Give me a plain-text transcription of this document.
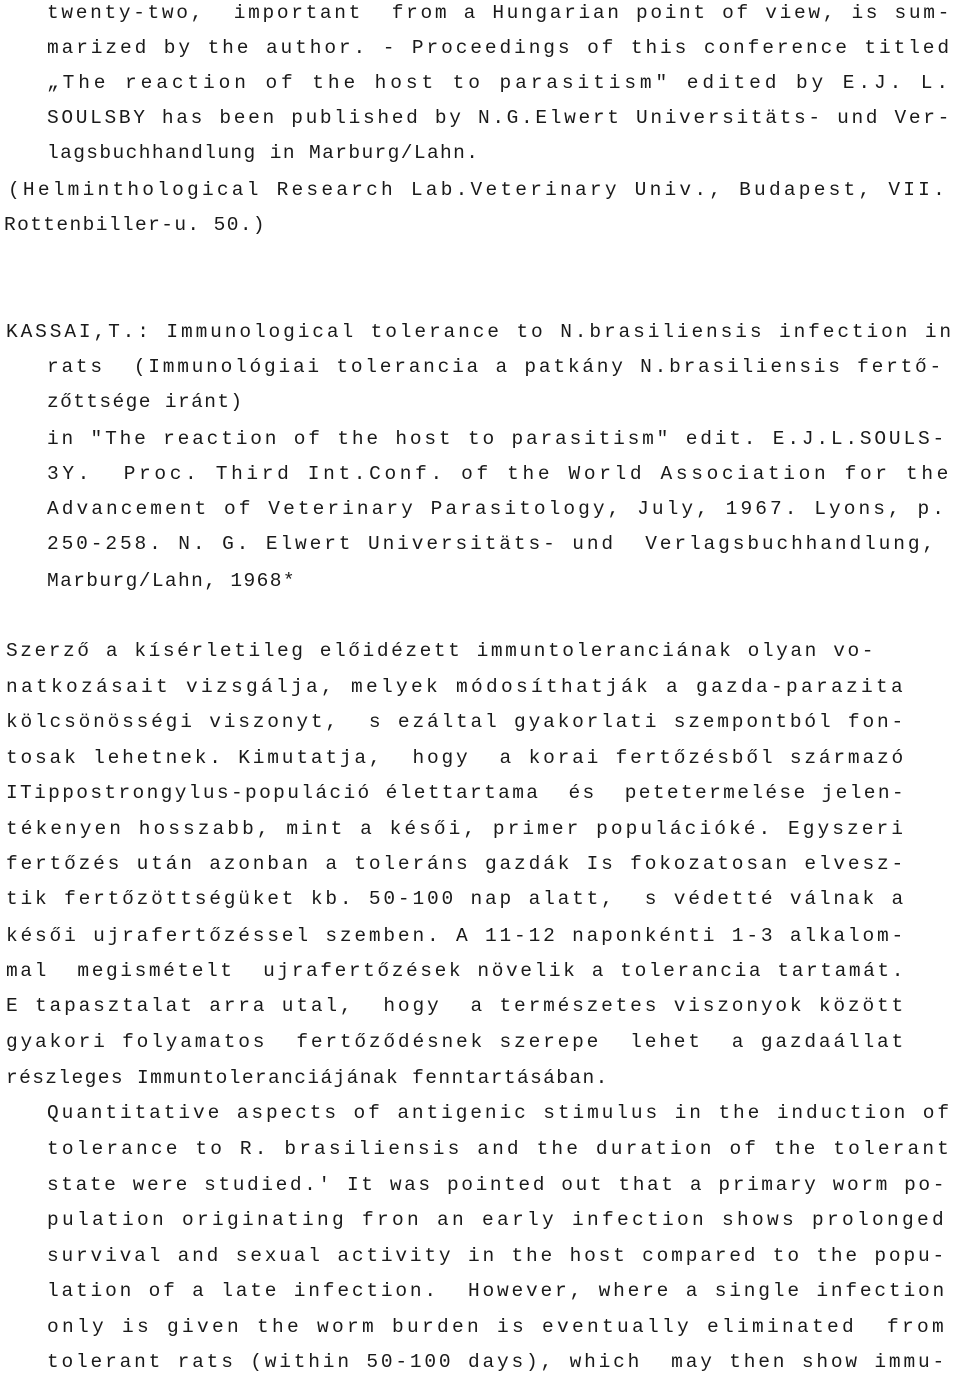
twenty-two,  important  from a Hungarian point of view, is sum-
marized by the author. - Proceedings of this conference titled
„The reaction of the host to parasitism" edited by E.J. L.
SOULSBY has been published by N.G.Elwert Universitäts- und Ver-
lagsbuchhandlung in Marburg/Lahn.
(Helminthological Research Lab.Veterinary Univ., Budapest, VII.
Rottenbiller-u. 50.)
KASSAI,T.: Immunological tolerance to N.brasiliensis infection in
rats  (Immunológiai tolerancia a patkány N.brasiliensis fertő-
zőttsége iránt)
in "The reaction of the host to parasitism" edit. E.J.L.SOULS-
3Y.  Proc. Third Int.Conf. of the World Association for the
Advancement of Veterinary Parasitology, July, 1967. Lyons, p.
250-258. N. G. Elwert Universitäts- und  Verlagsbuchhandlung,
Marburg/Lahn, 1968*
Szerző a kísérletileg előidézett immuntoleranciának olyan vo-
natkozásait vizsgálja, melyek módosíthatják a gazda-parazita
kölcsönösségi viszonyt,  s ezáltal gyakorlati szempontból fon-
tosak lehetnek. Kimutatja,  hogy  a korai fertőzésből származó
ITippostrongylus-populáció élettartama  és  petetermelése jelen-
tékenyen hosszabb, mint a késői, primer populációké. Egyszeri
fertőzés után azonban a toleráns gazdák Is fokozatosan elvesz-
tik fertőzöttségüket kb. 50-100 nap alatt,  s védetté válnak a
késői ujrafertőzéssel szemben. A 11-12 naponkénti 1-3 alkalom-
mal  megismételt  ujrafertőzések növelik a tolerancia tartamát.
E tapasztalat arra utal,  hogy  a természetes viszonyok között
gyakori folyamatos  fertőződésnek szerepe  lehet  a gazdaállat
részleges Immuntoleranciájának fenntartásában.
Quantitative aspects of antigenic stimulus in the induction of
tolerance to R. brasiliensis and the duration of the tolerant
state were studied.' It was pointed out that a primary worm po-
pulation originating fron an early infection shows prolonged
survival and sexual activity in the host compared to the popu-
lation of a late infection.  However, where a single infection
only is given the worm burden is eventually eliminated  from
tolerant rats (within 50-100 days), which  may then show immu-
